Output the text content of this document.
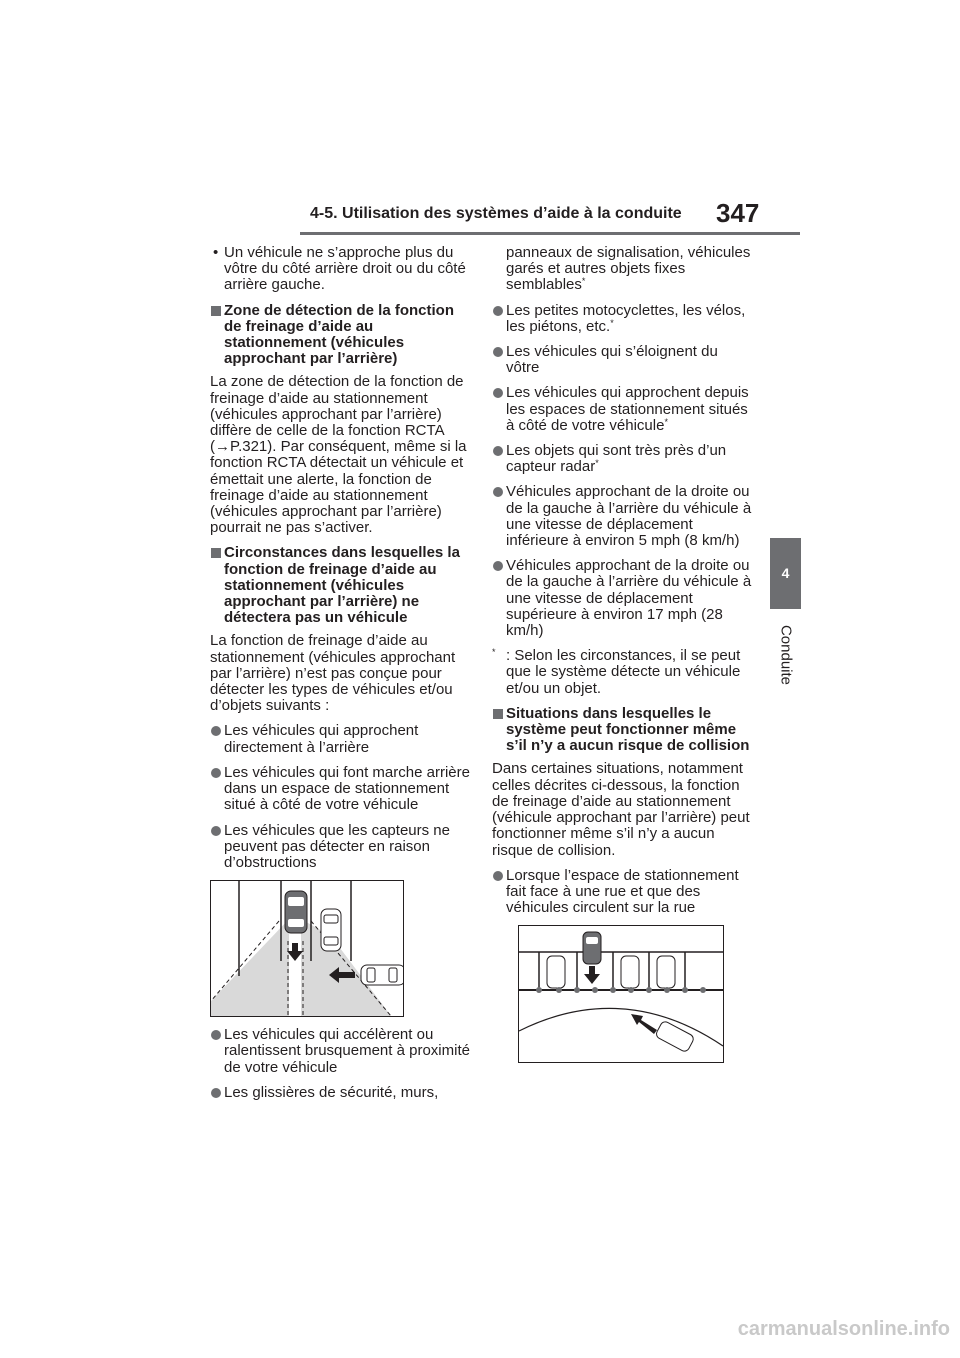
4-5. Utilisation des systèmes d’aide à la conduite 347
4
Conduite
• Un véhicule ne s’approche plus du vôtre du côté arrière droit ou du côté arrière gauche.
Zone de détection de la fonction de freinage d’aide au stationnement (véhicules approchant par l’arrière)

La zone de détection de la fonction de freinage d’aide au stationnement (véhicules approchant par l’arrière) diffère de celle de la fonction RCTA (→P.321). Par conséquent, même si la fonction RCTA détectait un véhicule et émettait une alerte, la fonction de freinage d’aide au stationnement (véhicules approchant par l’arrière) pourrait ne pas s’activer.

Circonstances dans lesquelles la fonction de freinage d’aide au stationnement (véhicules approchant par l’arrière) ne détectera pas un véhicule

La fonction de freinage d’aide au stationnement (véhicules approchant par l’arrière) n’est pas conçue pour détecter les types de véhicules et/ou d’objets suivants :

Les véhicules qui approchent directement à l’arrière
Les véhicules qui font marche arrière dans un espace de stationnement situé à côté de votre véhicule
Les véhicules que les capteurs ne peuvent pas détecter en raison d’obstructions
Les véhicules qui accélèrent ou ralentissent brusquement à proximité de votre véhicule
Les glissières de sécurité, murs,
panneaux de signalisation, véhicules garés et autres objets fixes semblables*
Les petites motocyclettes, les vélos, les piétons, etc.*
Les véhicules qui s’éloignent du vôtre
Les véhicules qui approchent depuis les espaces de stationnement situés à côté de votre véhicule*
Les objets qui sont très près d’un capteur radar*
Véhicules approchant de la droite ou de la gauche à l’arrière du véhicule à une vitesse de déplacement inférieure à environ 5 mph (8 km/h)
Véhicules approchant de la droite ou de la gauche à l’arrière du véhicule à une vitesse de déplacement supérieure à environ 17 mph (28 km/h)
* : Selon les circonstances, il se peut que le système détecte un véhicule et/ou un objet.
Situations dans lesquelles le système peut fonctionner même s’il n’y a aucun risque de collision

Dans certaines situations, notamment celles décrites ci-dessous, la fonction de freinage d’aide au stationnement (véhicule approchant par l’arrière) peut fonctionner même s’il n’y a aucun risque de collision.

Lorsque l’espace de stationnement fait face à une rue et que des véhicules circulent sur la rue
carmanualsonline.info
